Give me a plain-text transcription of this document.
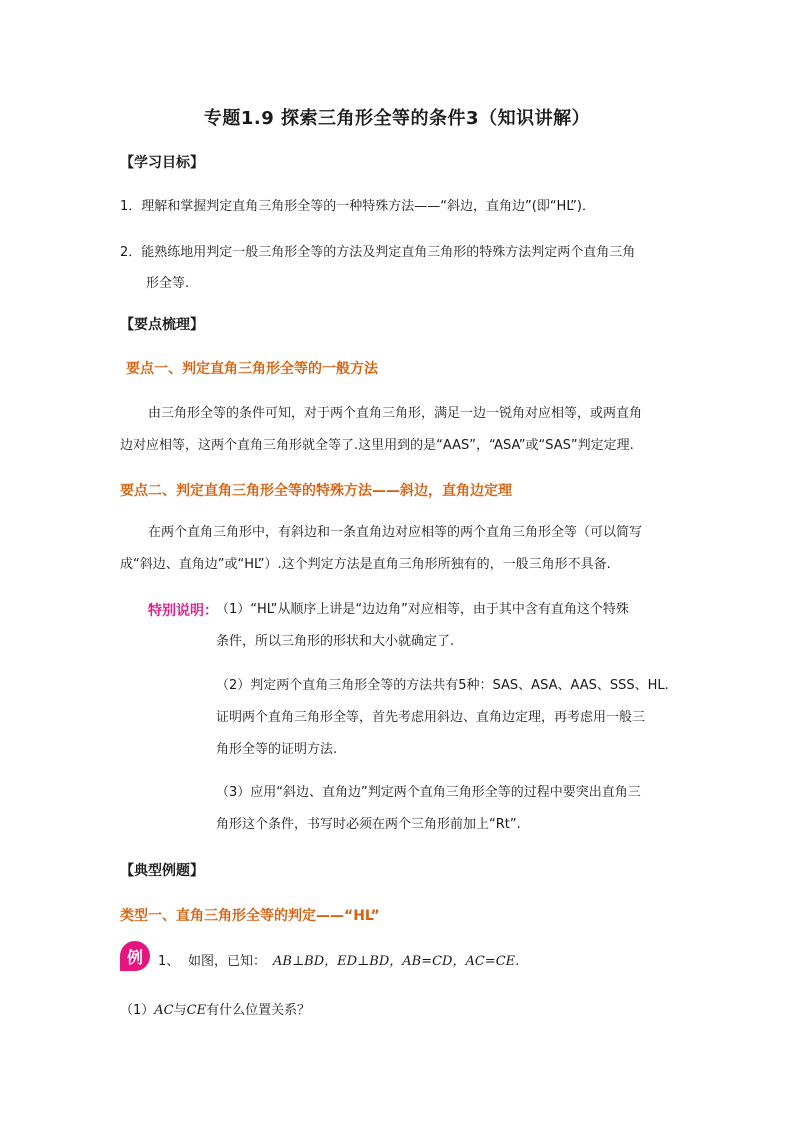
专题1.9 探索三角形全等的条件3（知识讲解）
【学习目标】
1．理解和掌握判定直角三角形全等的一种特殊方法——“斜边，直角边”(即“HL”)．
2．能熟练地用判定一般三角形全等的方法及判定直角三角形的特殊方法判定两个直角三角
形全等.
【要点梳理】
要点一、判定直角三角形全等的一般方法
由三角形全等的条件可知，对于两个直角三角形，满足一边一锐角对应相等，或两直角
边对应相等，这两个直角三角形就全等了.这里用到的是“AAS”，“ASA”或“SAS”判定定理.
要点二、判定直角三角形全等的特殊方法——斜边，直角边定理
在两个直角三角形中，有斜边和一条直角边对应相等的两个直角三角形全等（可以简写
成“斜边、直角边”或“HL”）.这个判定方法是直角三角形所独有的，一般三角形不具备.
特别说明：
（1）“HL”从顺序上讲是“边边角”对应相等，由于其中含有直角这个特殊
条件，所以三角形的形状和大小就确定了.
（2）判定两个直角三角形全等的方法共有5种：SAS、ASA、AAS、SSS、HL.
证明两个直角三角形全等，首先考虑用斜边、直角边定理，再考虑用一般三
角形全等的证明方法.
（3）应用“斜边、直角边”判定两个直角三角形全等的过程中要突出直角三
角形这个条件，书写时必须在两个三角形前加上“Rt”.
【典型例题】
类型一、直角三角形全等的判定——“HL”
例 1、 如图，已知： AB⊥BD，ED⊥BD，AB=CD，AC=CE.
（1）AC与CE有什么位置关系？
